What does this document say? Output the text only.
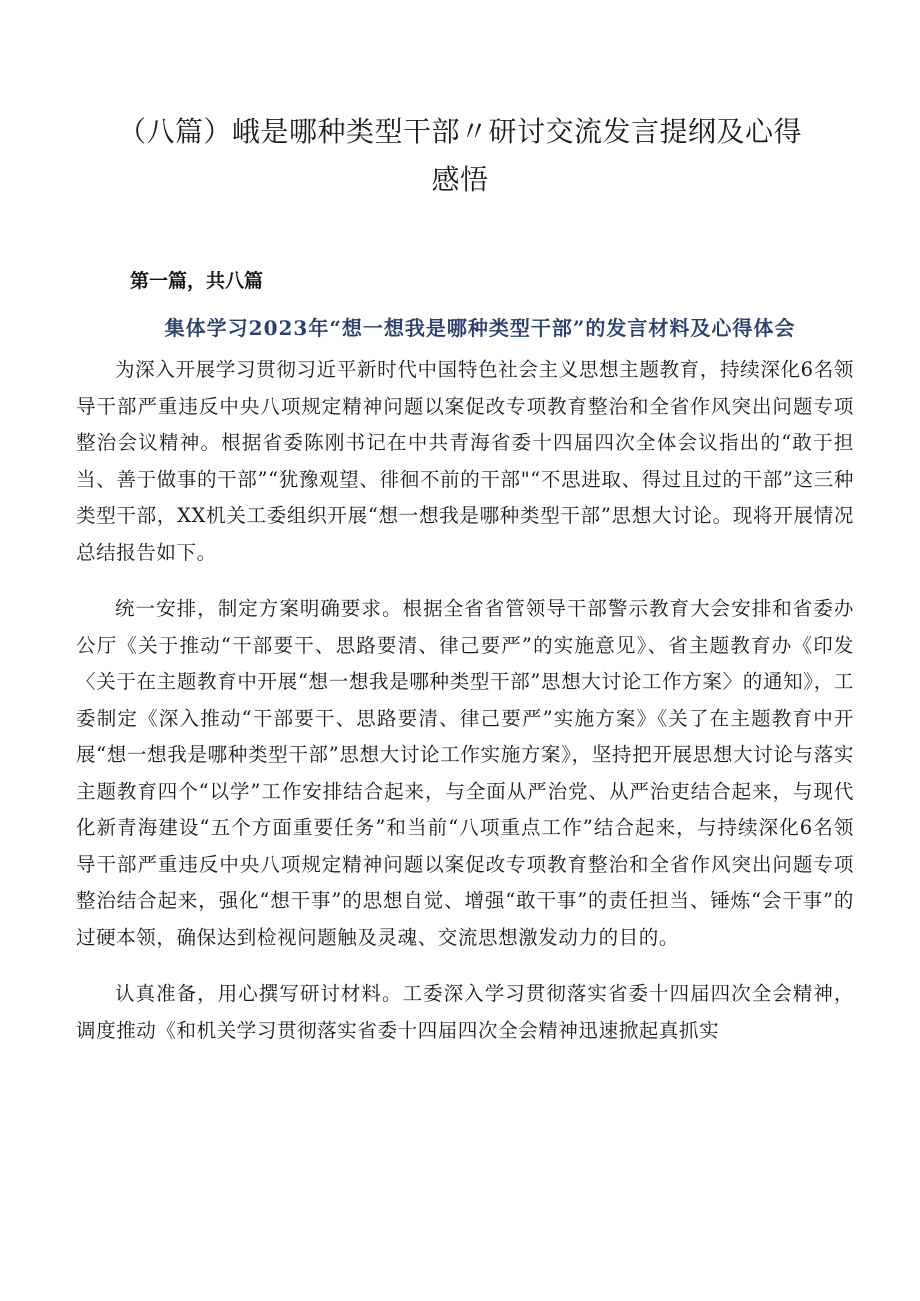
（八篇）峨是哪种类型干部〃研讨交流发言提纲及心得感悟
第一篇，共八篇
集体学习2023年“想一想我是哪种类型干部”的发言材料及心得体会

为深入开展学习贯彻习近平新时代中国特色社会主义思想主题教育，持续深化6名领导干部严重违反中央八项规定精神问题以案促改专项教育整治和全省作风突出问题专项整治会议精神。根据省委陈刚书记在中共青海省委十四届四次全体会议指出的“敢于担当、善于做事的干部”“犹豫观望、徘徊不前的干部"“不思进取、得过且过的干部”这三种类型干部，XX机关工委组织开展“想一想我是哪种类型干部”思想大讨论。现将开展情况总结报告如下。

统一安排，制定方案明确要求。根据全省省管领导干部警示教育大会安排和省委办公厅《关于推动“干部要干、思路要清、律己要严”的实施意见》、省主题教育办《印发〈关于在主题教育中开展“想一想我是哪种类型干部”思想大讨论工作方案〉的通知》，工委制定《深入推动“干部要干、思路要清、律己要严”实施方案》《关了在主题教育中开展“想一想我是哪种类型干部”思想大讨论工作实施方案》，坚持把开展思想大讨论与落实主题教育四个“以学”工作安排结合起来，与全面从严治党、从严治吏结合起来，与现代化新青海建设“五个方面重要任务”和当前“八项重点工作”结合起来，与持续深化6名领导干部严重违反中央八项规定精神问题以案促改专项教育整治和全省作风突出问题专项整治结合起来，强化“想干事”的思想自觉、增强“敢干事”的责任担当、锤炼“会干事”的过硬本领，确保达到检视问题触及灵魂、交流思想激发动力的目的。

认真准备，用心撰写研讨材料。工委深入学习贯彻落实省委十四届四次全会精神，调度推动《和机关学习贯彻落实省委十四届四次全会精神迅速掀起真抓实
